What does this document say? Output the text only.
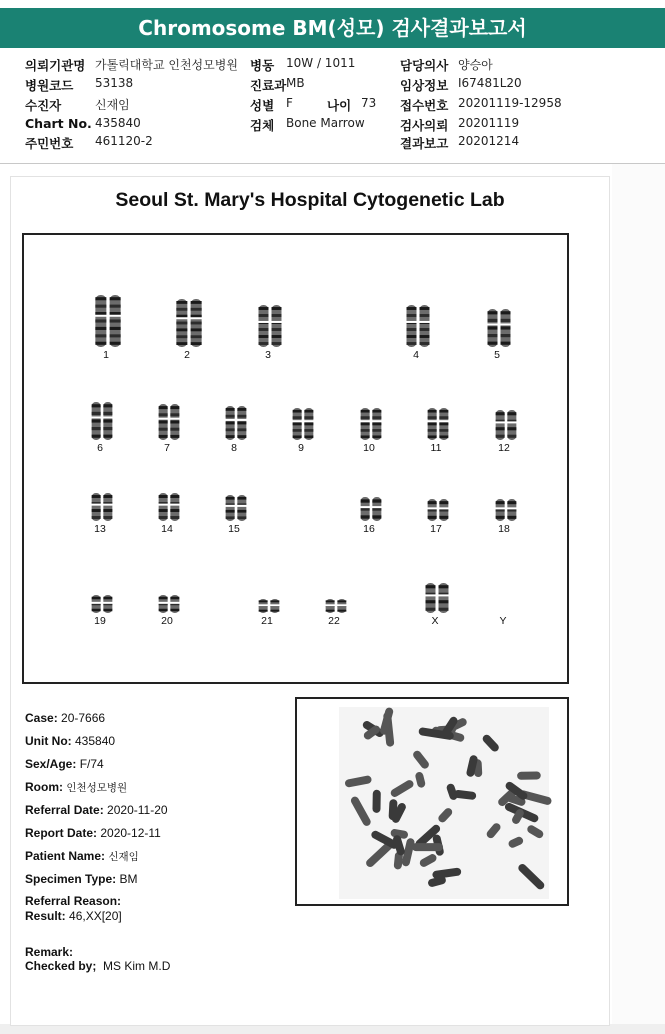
Chromosome BM(성모) 검사결과보고서
의뢰기관명 가톨릭대학교 인천성모병원 병동 10W / 1011	담당의사 양승아
병원코드 53138	진료과 MB	임상정보 I67481L20
수진자	신재임	성별 F	나이 73 접수번호 20201119-12958
Chart No. 435840	검체 Bone Marrow	검사의뢰 20201119
주민번호 461120-2	결과보고 20201214
Seoul St. Mary's Hospital Cytogenetic Lab
1	2	3	4	5
6	7	8	9	10	11	12
13	14	15	16	17	18
19	20	21	22	X	Y
Case: 20-7666
Unit No: 435840
Sex/Age: F/74
Room: 인천성모병원
Referral Date: 2020-11-20
Report Date: 2020-12-11
Patient Name: 신재임
Specimen Type: BM
Referral Reason:
Result: 46,XX[20]
Remark:
Checked by; MS Kim M.D
